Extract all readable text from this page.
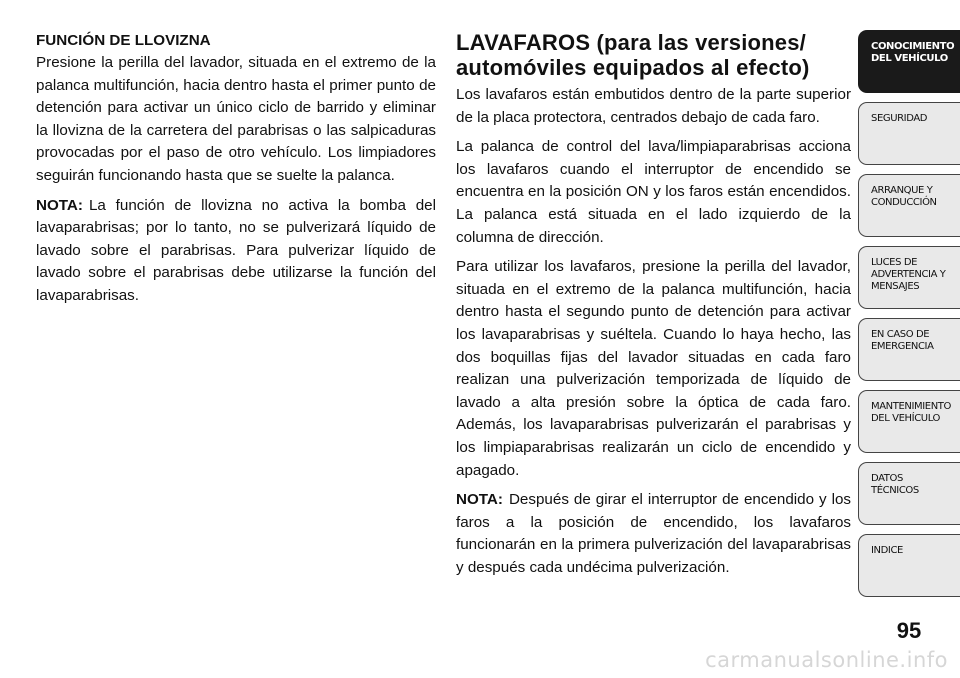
FUNCIÓN DE LLOVIZNA

Presione la perilla del lavador, situada en el extremo de la palanca multifunción, hacia dentro hasta el primer punto de detención para activar un único ciclo de barrido y eliminar la llovizna de la carretera del parabrisas o las salpicaduras provocadas por el paso de otro vehículo. Los limpiadores seguirán funcionando hasta que se suelte la palanca.

NOTA: La función de llovizna no activa la bomba del lavaparabrisas; por lo tanto, no se pulverizará líquido de lavado sobre el parabrisas. Para pulverizar líquido de lavado sobre el parabrisas debe utilizarse la función del lavaparabrisas.

LAVAFAROS (para las versiones/
automóviles equipados al efecto)

Los lavafaros están embutidos dentro de la parte superior de la placa protectora, centrados debajo de cada faro.

La palanca de control del lava/limpiaparabrisas acciona los lavafaros cuando el interruptor de encendido se encuentra en la posición ON y los faros están encendidos. La palanca está situada en el lado izquierdo de la columna de dirección.

Para utilizar los lavafaros, presione la perilla del lavador, situada en el extremo de la palanca multifunción, hacia dentro hasta el segundo punto de detención para activar los lavaparabrisas y suéltela. Cuando lo haya hecho, las dos boquillas fijas del lavador situadas en cada faro realizan una pulverización temporizada de líquido de lavado a alta presión sobre la óptica de cada faro. Además, los lavaparabrisas pulverizarán el parabrisas y los limpiaparabrisas realizarán un ciclo de encendido y apagado.

NOTA: Después de girar el interruptor de encendido y los faros a la posición de encendido, los lavafaros funcionarán en la primera pulverización del lavaparabrisas y después cada undécima pulverización.

CONOCIMIENTO
DEL VEHÍCULO
SEGURIDAD
ARRANQUE Y
CONDUCCIÓN
LUCES DE
ADVERTENCIA Y
MENSAJES
EN CASO DE
EMERGENCIA
MANTENIMIENTO
DEL VEHÍCULO
DATOS
TÉCNICOS
INDICE
95
carmanualsonline.info
